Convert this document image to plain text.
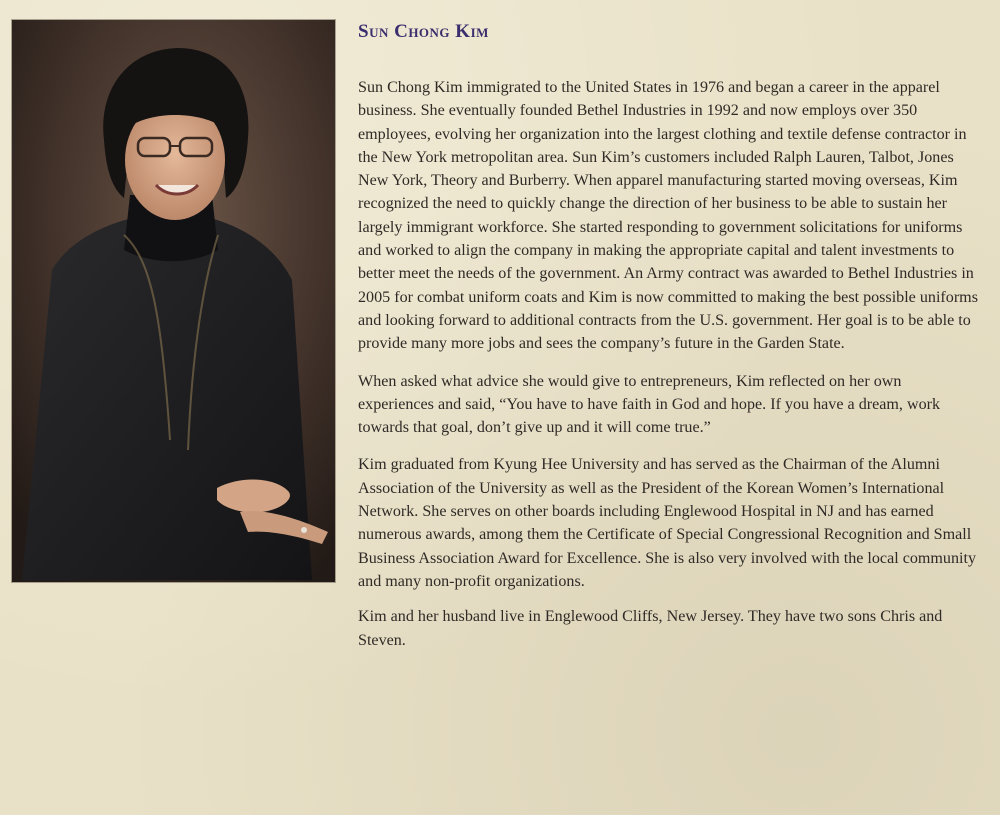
Sun Chong Kim

Sun Chong Kim immigrated to the United States in 1976 and began a career in the apparel business. She eventually founded Bethel Industries in 1992 and now employs over 350 employees, evolving her organization into the largest clothing and textile defense contractor in the New York metropolitan area. Sun Kim’s customers included Ralph Lauren, Talbot, Jones New York, Theory and Burberry. When apparel manufacturing started moving overseas, Kim recognized the need to quickly change the direction of her business to be able to sustain her largely immigrant workforce. She started responding to government solicitations for uniforms and worked to align the company in making the appropriate capital and talent investments to better meet the needs of the government. An Army contract was awarded to Bethel Industries in 2005 for combat uniform coats and Kim is now committed to making the best possible uniforms and looking forward to additional contracts from the U.S. government. Her goal is to be able to provide many more jobs and sees the company’s future in the Garden State.

When asked what advice she would give to entrepreneurs, Kim reflected on her own experiences and said, “You have to have faith in God and hope. If you have a dream, work towards that goal, don’t give up and it will come true.”

Kim graduated from Kyung Hee University and has served as the Chairman of the Alumni Association of the University as well as the President of the Korean Women’s International Network. She serves on other boards including Englewood Hospital in NJ and has earned numerous awards, among them the Certificate of Special Congressional Recognition and Small Business Association Award for Excellence. She is also very involved with the local community and many non-profit organizations.

Kim and her husband live in Englewood Cliffs, New Jersey. They have two sons Chris and Steven.
